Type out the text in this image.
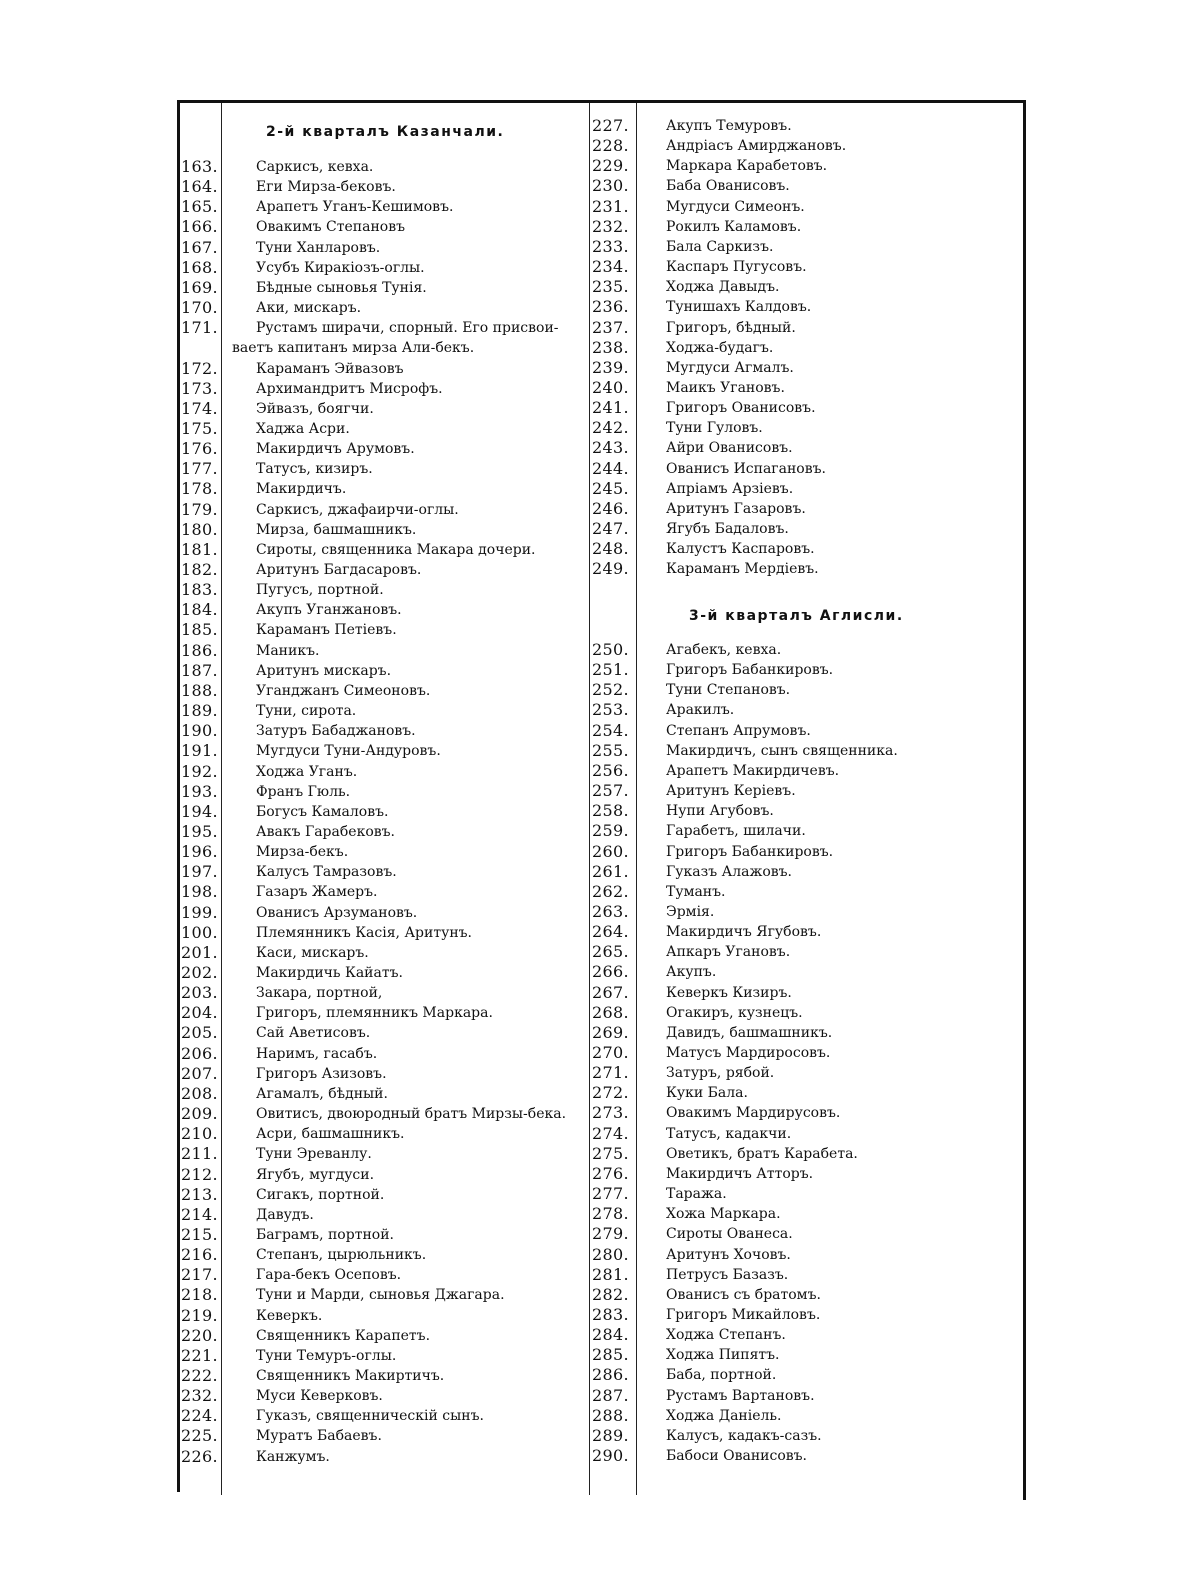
2-й кварталъ Казанчали.
3-й кварталъ Аглисли.
163.	Саркисъ, кевха.
164.	Еги Мирза-бековъ.
165.	Арапетъ Уганъ-Кешимовъ.
166.	Овакимъ Степановъ
167.	Туни Ханларовъ.
168.	Усубъ Киракіозъ-оглы.
169.	Бѣдные сыновья Тунія.
170.	Аки, мискаръ.
171.	Рустамъ ширачи, спорный. Его присвои-
ваетъ капитанъ мирза Али-бекъ.
172.	Караманъ Эйвазовъ
173.	Архимандритъ Мисрофъ.
174.	Эйвазъ, боягчи.
175.	Хаджа Асри.
176.	Макирдичъ Арумовъ.
177.	Татусъ, кизиръ.
178.	Макирдичъ.
179.	Саркисъ, джафаирчи-оглы.
180.	Мирза, башмашникъ.
181.	Сироты, священника Макара дочери.
182.	Аритунъ Багдасаровъ.
183.	Пугусъ, портной.
184.	Акупъ Уганжановъ.
185.	Караманъ Петіевъ.
186.	Маникъ.
187.	Аритунъ мискаръ.
188.	Уганджанъ Симеоновъ.
189.	Туни, сирота.
190.	Затуръ Бабаджановъ.
191.	Мугдуси Туни-Андуровъ.
192.	Ходжа Уганъ.
193.	Франъ Гюль.
194.	Богусъ Камаловъ.
195.	Авакъ Гарабековъ.
196.	Мирза-бекъ.
197.	Калусъ Тамразовъ.
198.	Газаръ Жамеръ.
199.	Ованисъ Арзумановъ.
100.	Племянникъ Касія, Аритунъ.
201.	Каси, мискаръ.
202.	Макирдичь Кайатъ.
203.	Закара, портной,
204.	Григоръ, племянникъ Маркара.
205.	Сай Аветисовъ.
206.	Наримъ, гасабъ.
207.	Григоръ Азизовъ.
208.	Агамалъ, бѣдный.
209.	Овитисъ, двоюродный братъ Мирзы-бека.
210.	Асри, башмашникъ.
211.	Туни Эреванлу.
212.	Ягубъ, мугдуси.
213.	Сигакъ, портной.
214.	Давудъ.
215.	Баграмъ, портной.
216.	Степанъ, цырюльникъ.
217.	Гара-бекъ Осеповъ.
218.	Туни и Марди, сыновья Джагара.
219.	Кеверкъ.
220.	Священникъ Карапетъ.
221.	Туни Темуръ-оглы.
222.	Священникъ Макиртичъ.
232.	Муси Кеверковъ.
224.	Гуказъ, священническій сынъ.
225.	Муратъ Бабаевъ.
226.	Канжумъ.
227.	Акупъ Темуровъ.
228.	Андріасъ Амирджановъ.
229.	Маркара Карабетовъ.
230.	Баба Ованисовъ.
231.	Мугдуси Симеонъ.
232.	Рокилъ Каламовъ.
233.	Бала Саркизъ.
234.	Каспаръ Пугусовъ.
235.	Ходжа Давыдъ.
236.	Тунишахъ Калдовъ.
237.	Григоръ, бѣдный.
238.	Ходжа-будагъ.
239.	Мугдуси Агмалъ.
240.	Маикъ Угановъ.
241.	Григоръ Ованисовъ.
242.	Туни Гуловъ.
243.	Айри Ованисовъ.
244.	Ованисъ Испагановъ.
245.	Апріамъ Арзіевъ.
246.	Аритунъ Газаровъ.
247.	Ягубъ Бадаловъ.
248.	Калустъ Каспаровъ.
249.	Караманъ Мердіевъ.
250.	Агабекъ, кевха.
251.	Григоръ Бабанкировъ.
252.	Туни Степановъ.
253.	Аракилъ.
254.	Степанъ Апрумовъ.
255.	Макирдичъ, сынъ священника.
256.	Арапетъ Макирдичевъ.
257.	Аритунъ Керіевъ.
258.	Нупи Агубовъ.
259.	Гарабетъ, шилачи.
260.	Григоръ Бабанкировъ.
261.	Гуказъ Алажовъ.
262.	Туманъ.
263.	Эрмія.
264.	Макирдичъ Ягубовъ.
265.	Апкаръ Угановъ.
266.	Акупъ.
267.	Кеверкъ Кизиръ.
268.	Огакиръ, кузнецъ.
269.	Давидъ, башмашникъ.
270.	Матусъ Мардиросовъ.
271.	Затуръ, рябой.
272.	Куки Бала.
273.	Овакимъ Мардирусовъ.
274.	Татусъ, кадакчи.
275.	Оветикъ, братъ Карабета.
276.	Макирдичъ Атторъ.
277.	Таража.
278.	Хожа Маркара.
279.	Сироты Ованеса.
280.	Аритунъ Хочовъ.
281.	Петрусъ Базазъ.
282.	Ованисъ съ братомъ.
283.	Григоръ Микайловъ.
284.	Ходжа Степанъ.
285.	Ходжа Пипятъ.
286.	Баба, портной.
287.	Рустамъ Вартановъ.
288.	Ходжа Даніель.
289.	Калусъ, кадакъ-сазъ.
290.	Бабоси Ованисовъ.
